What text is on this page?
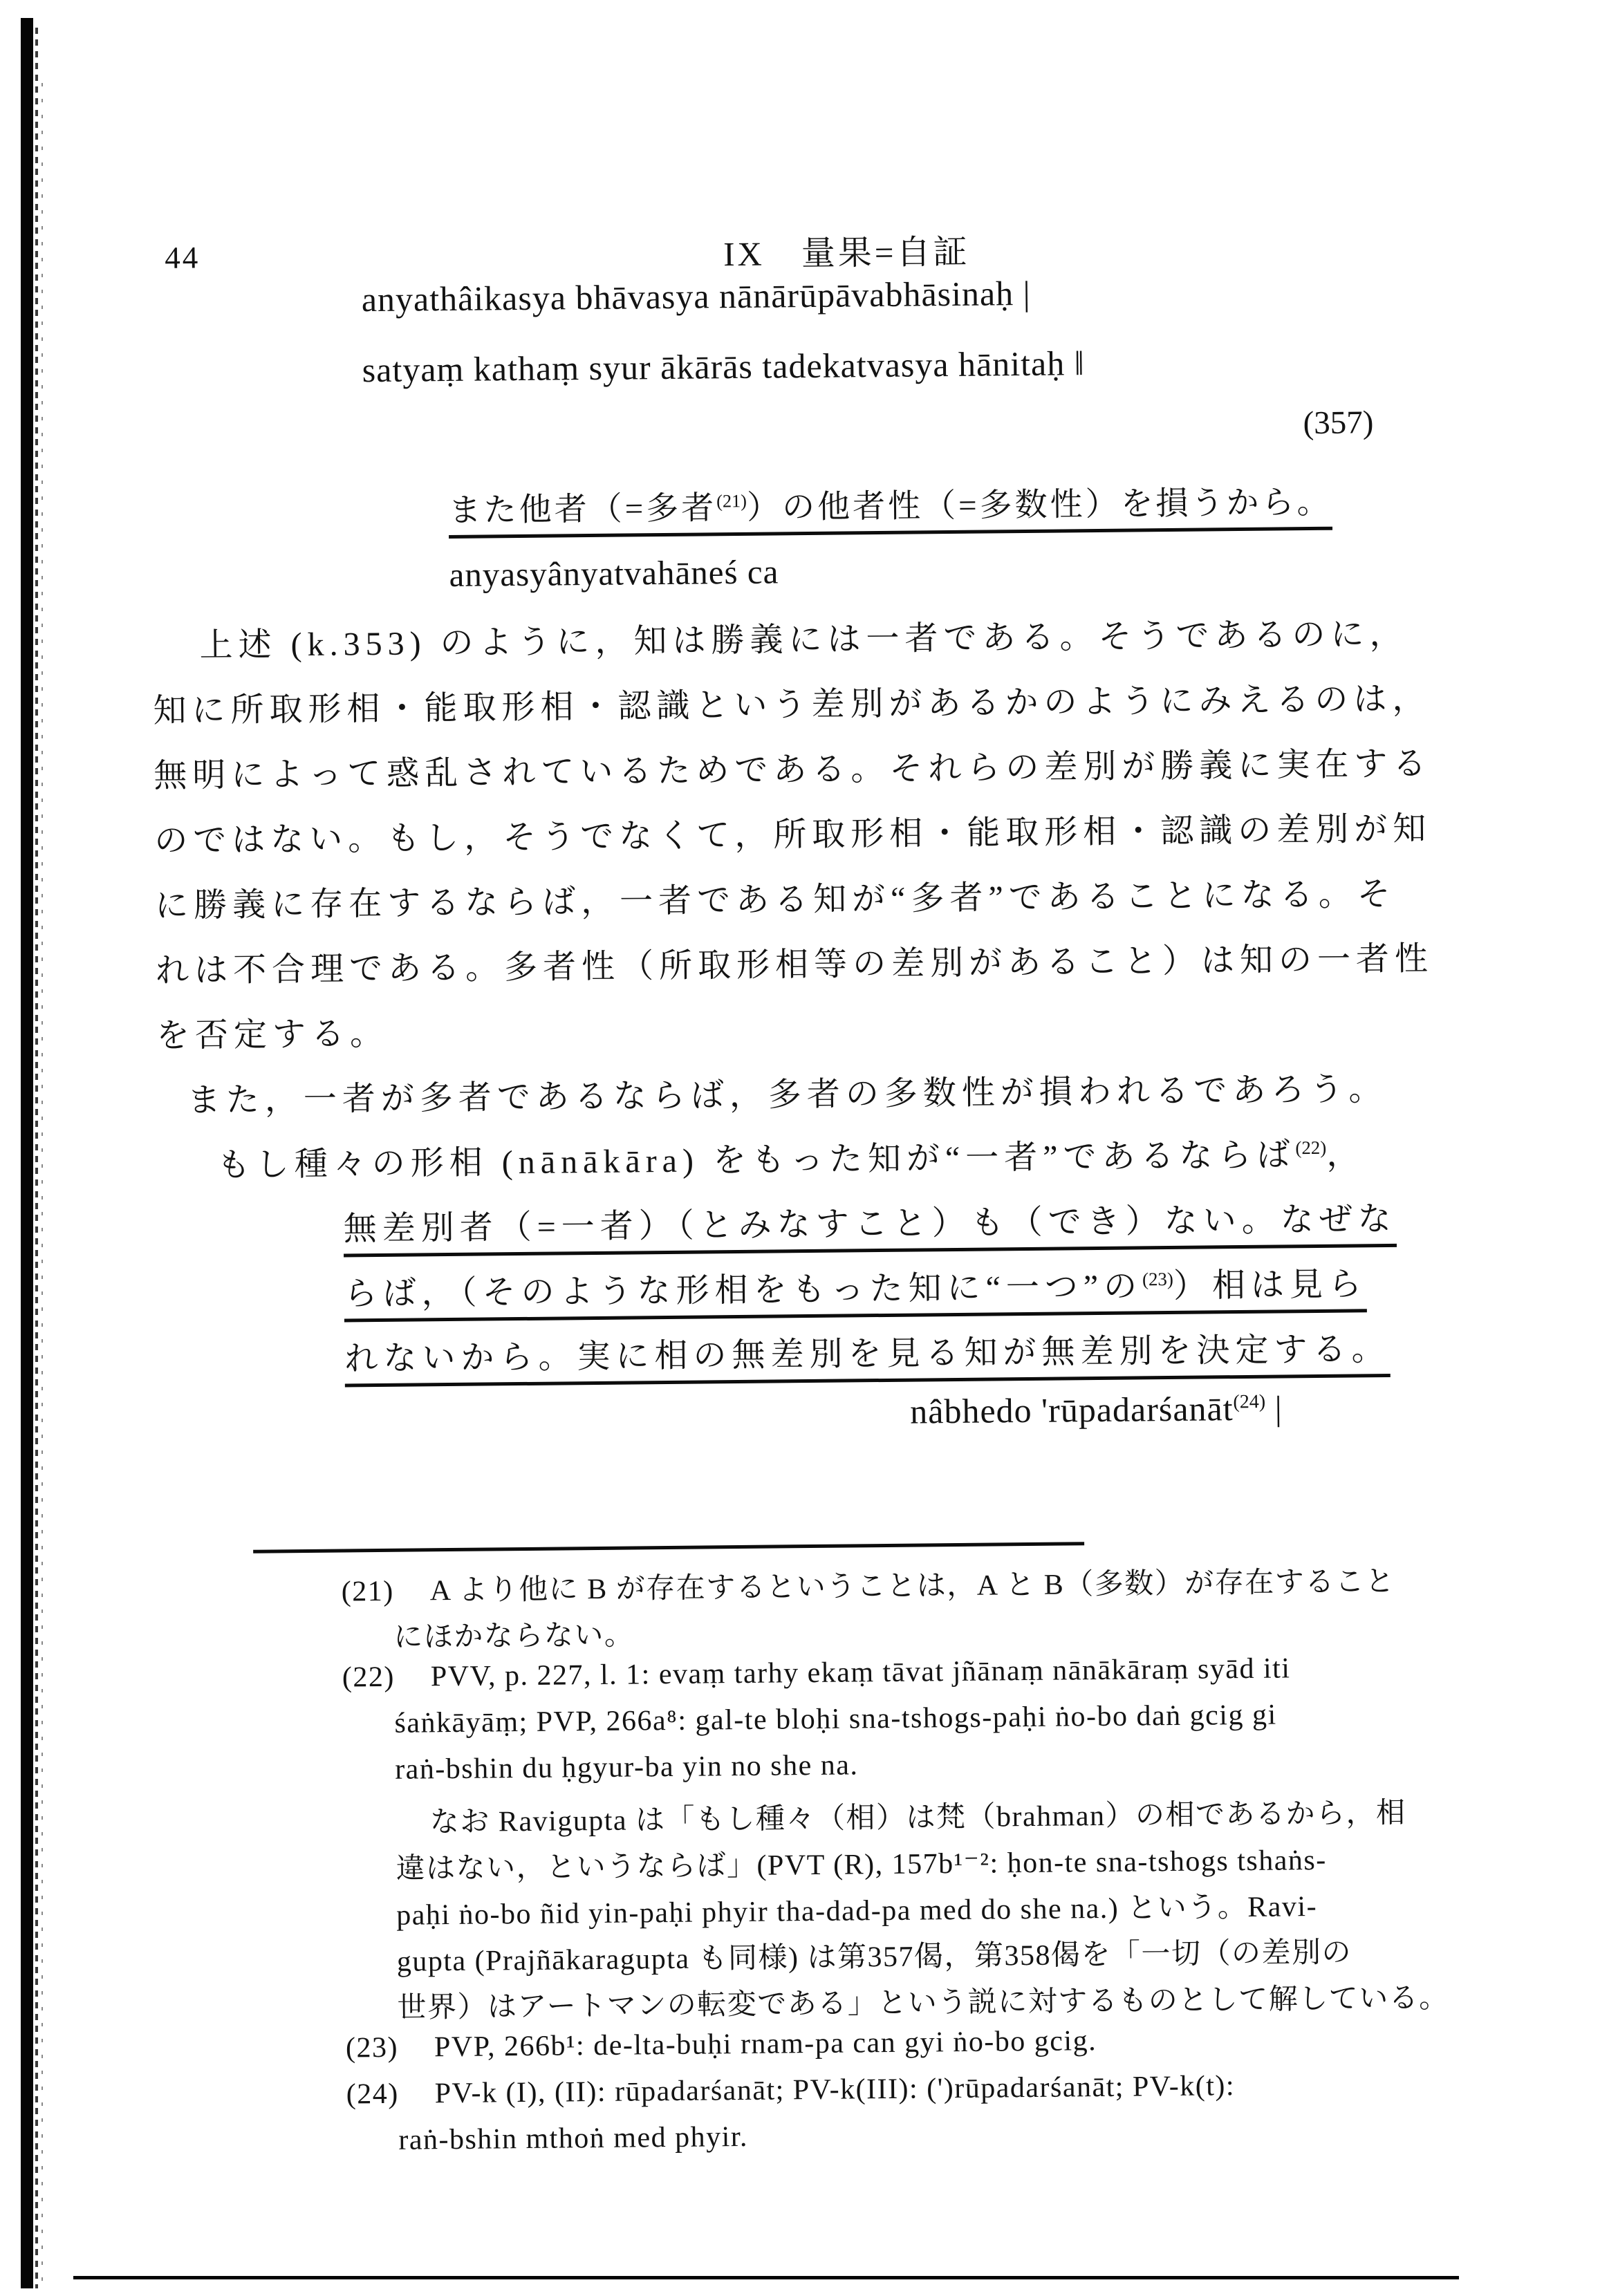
44	IX　量果=自証
anyathâikasya bhāvasya nānārūpāvabhāsinaḥ |
satyaṃ kathaṃ syur ākārās tadekatvasya hānitaḥ ‖
(357)
また他者（=多者$^{(21)}$）の他者性（=多数性）を損うから。
anyasyânyatvahāneś ca
上述 (k.353) のように，知は勝義には一者である。そうであるのに，
知に所取形相・能取形相・認識という差別があるかのようにみえるのは，
無明によって惑乱されているためである。それらの差別が勝義に実在する
のではない。もし，そうでなくて，所取形相・能取形相・認識の差別が知
に勝義に存在するならば，一者である知が“多者”であることになる。そ
れは不合理である。多者性（所取形相等の差別があること）は知の一者性
を否定する。
また，一者が多者であるならば，多者の多数性が損われるであろう。
もし種々の形相 (nānākāra) をもった知が“一者”であるならば$^{(22)}$，
無差別者（=一者）（とみなすこと）も（でき）ない。なぜな
らば，（そのような形相をもった知に“一つ”の$^{(23)}$）相は見ら
れないから。実に相の無差別を見る知が無差別を決定する。
nâbhedo 'rūpadarśanāt$^{(24)}$ |
(21) A より他に B が存在するということは，A と B（多数）が存在すること
にほかならない。
(22) PVV, p. 227, l. 1: evaṃ tarhy ekaṃ tāvat jñānaṃ nānākāraṃ syād iti
śaṅkāyāṃ; PVP, 266a⁸: gal-te bloḥi sna-tshogs-paḥi ṅo-bo daṅ gcig gi
raṅ-bshin du ḥgyur-ba yin no she na.
なお Ravigupta は「もし種々（相）は梵（brahman）の相であるから，相
違はない，というならば」(PVT (R), 157b¹⁻²: ḥon-te sna-tshogs tshaṅs-
paḥi ṅo-bo ñid yin-paḥi phyir tha-dad-pa med do she na.) という。Ravi-
gupta (Prajñākaragupta も同様) は第357偈，第358偈を「一切（の差別の
世界）はアートマンの転変である」という説に対するものとして解している。
(23) PVP, 266b¹: de-lta-buḥi rnam-pa can gyi ṅo-bo gcig.
(24) PV-k (I), (II): rūpadarśanāt; PV-k(III): (')rūpadarśanāt; PV-k(t):
raṅ-bshin mthoṅ med phyir.
